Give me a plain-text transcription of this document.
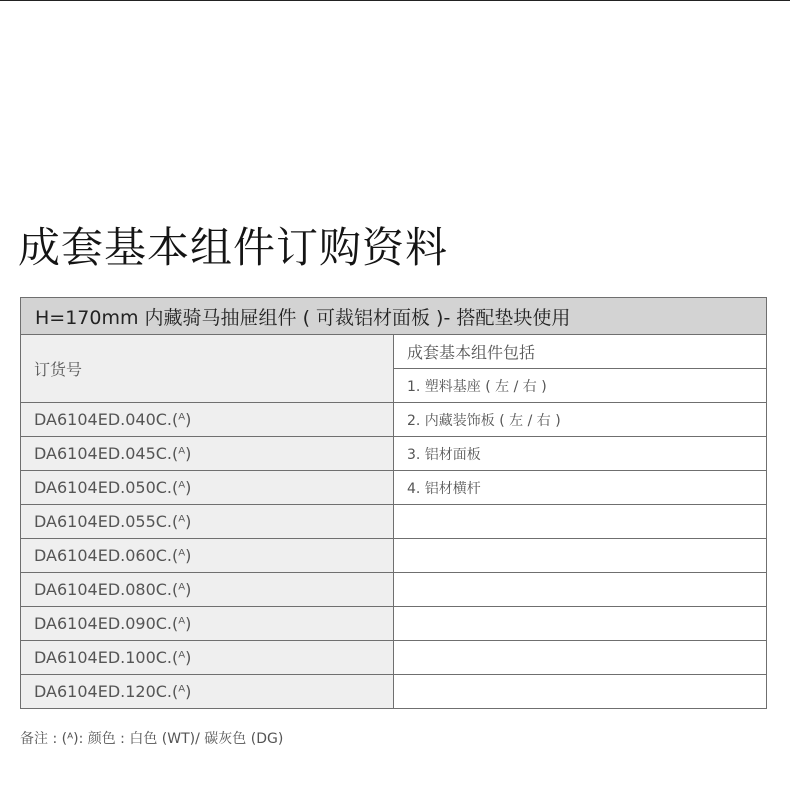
成套基本组件订购资料
H=170mm 内藏骑马抽屉组件 ( 可裁铝材面板 )- 搭配垫块使用	
订货号	成套基本组件包括
	1. 塑料基座 ( 左 / 右 )
DA6104ED.040C.(ᴬ)	2. 内藏装饰板 ( 左 / 右 )
DA6104ED.045C.(ᴬ)	3. 铝材面板
DA6104ED.050C.(ᴬ)	4. 铝材横杆
DA6104ED.055C.(ᴬ)	
DA6104ED.060C.(ᴬ)	
DA6104ED.080C.(ᴬ)	
DA6104ED.090C.(ᴬ)	
DA6104ED.100C.(ᴬ)	
DA6104ED.120C.(ᴬ)	
备注 : (ᴬ): 颜色 : 白色 (WT)/ 碳灰色 (DG)
